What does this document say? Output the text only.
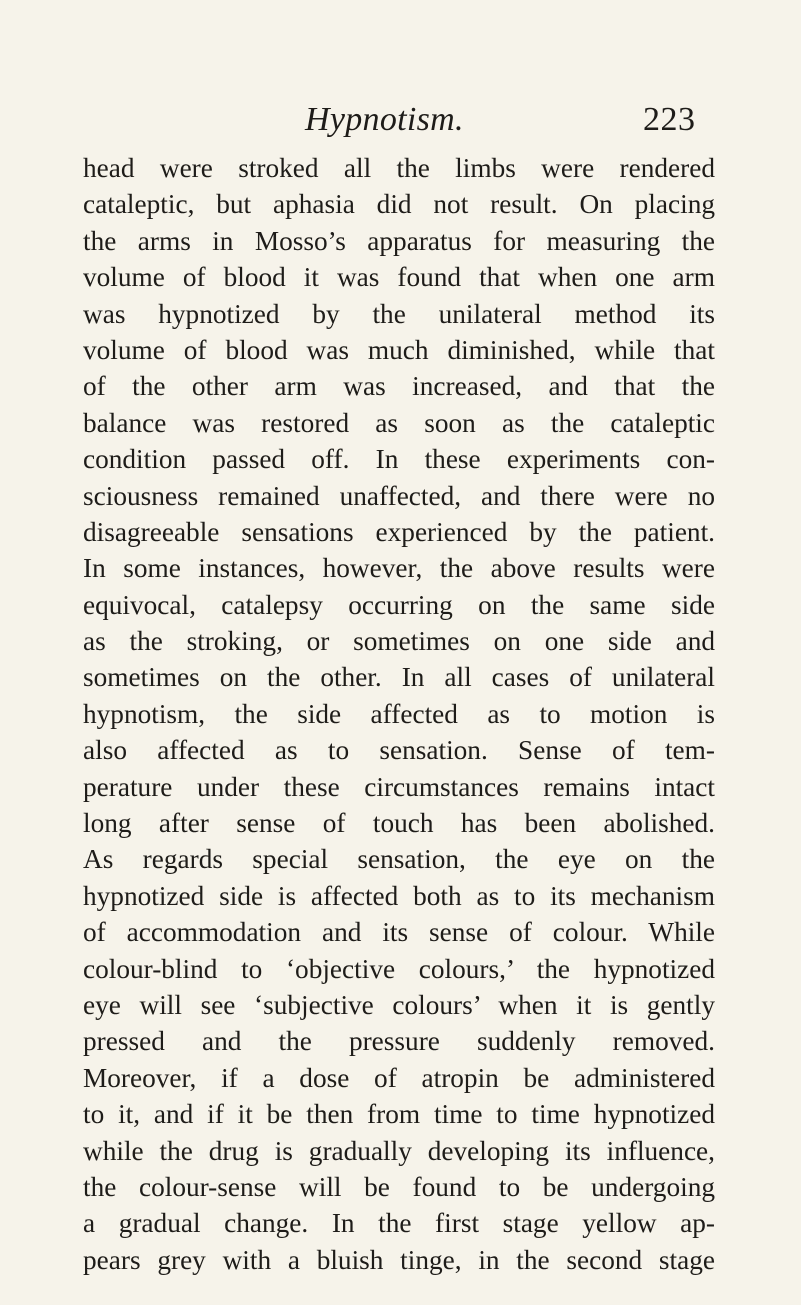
Hypnotism.	223
head were stroked all the limbs were rendered
cataleptic, but aphasia did not result. On placing
the arms in Mosso’s apparatus for measuring the
volume of blood it was found that when one arm
was hypnotized by the unilateral method its
volume of blood was much diminished, while that
of the other arm was increased, and that the
balance was restored as soon as the cataleptic
condition passed off. In these experiments con-
sciousness remained unaffected, and there were no
disagreeable sensations experienced by the patient.
In some instances, however, the above results were
equivocal, catalepsy occurring on the same side
as the stroking, or sometimes on one side and
sometimes on the other. In all cases of unilateral
hypnotism, the side affected as to motion is
also affected as to sensation. Sense of tem-
perature under these circumstances remains intact
long after sense of touch has been abolished.
As regards special sensation, the eye on the
hypnotized side is affected both as to its mechanism
of accommodation and its sense of colour. While
colour-blind to ‘objective colours,’ the hypnotized
eye will see ‘subjective colours’ when it is gently
pressed and the pressure suddenly removed.
Moreover, if a dose of atropin be administered
to it, and if it be then from time to time hypnotized
while the drug is gradually developing its influence,
the colour-sense will be found to be undergoing
a gradual change. In the first stage yellow ap-
pears grey with a bluish tinge, in the second stage
